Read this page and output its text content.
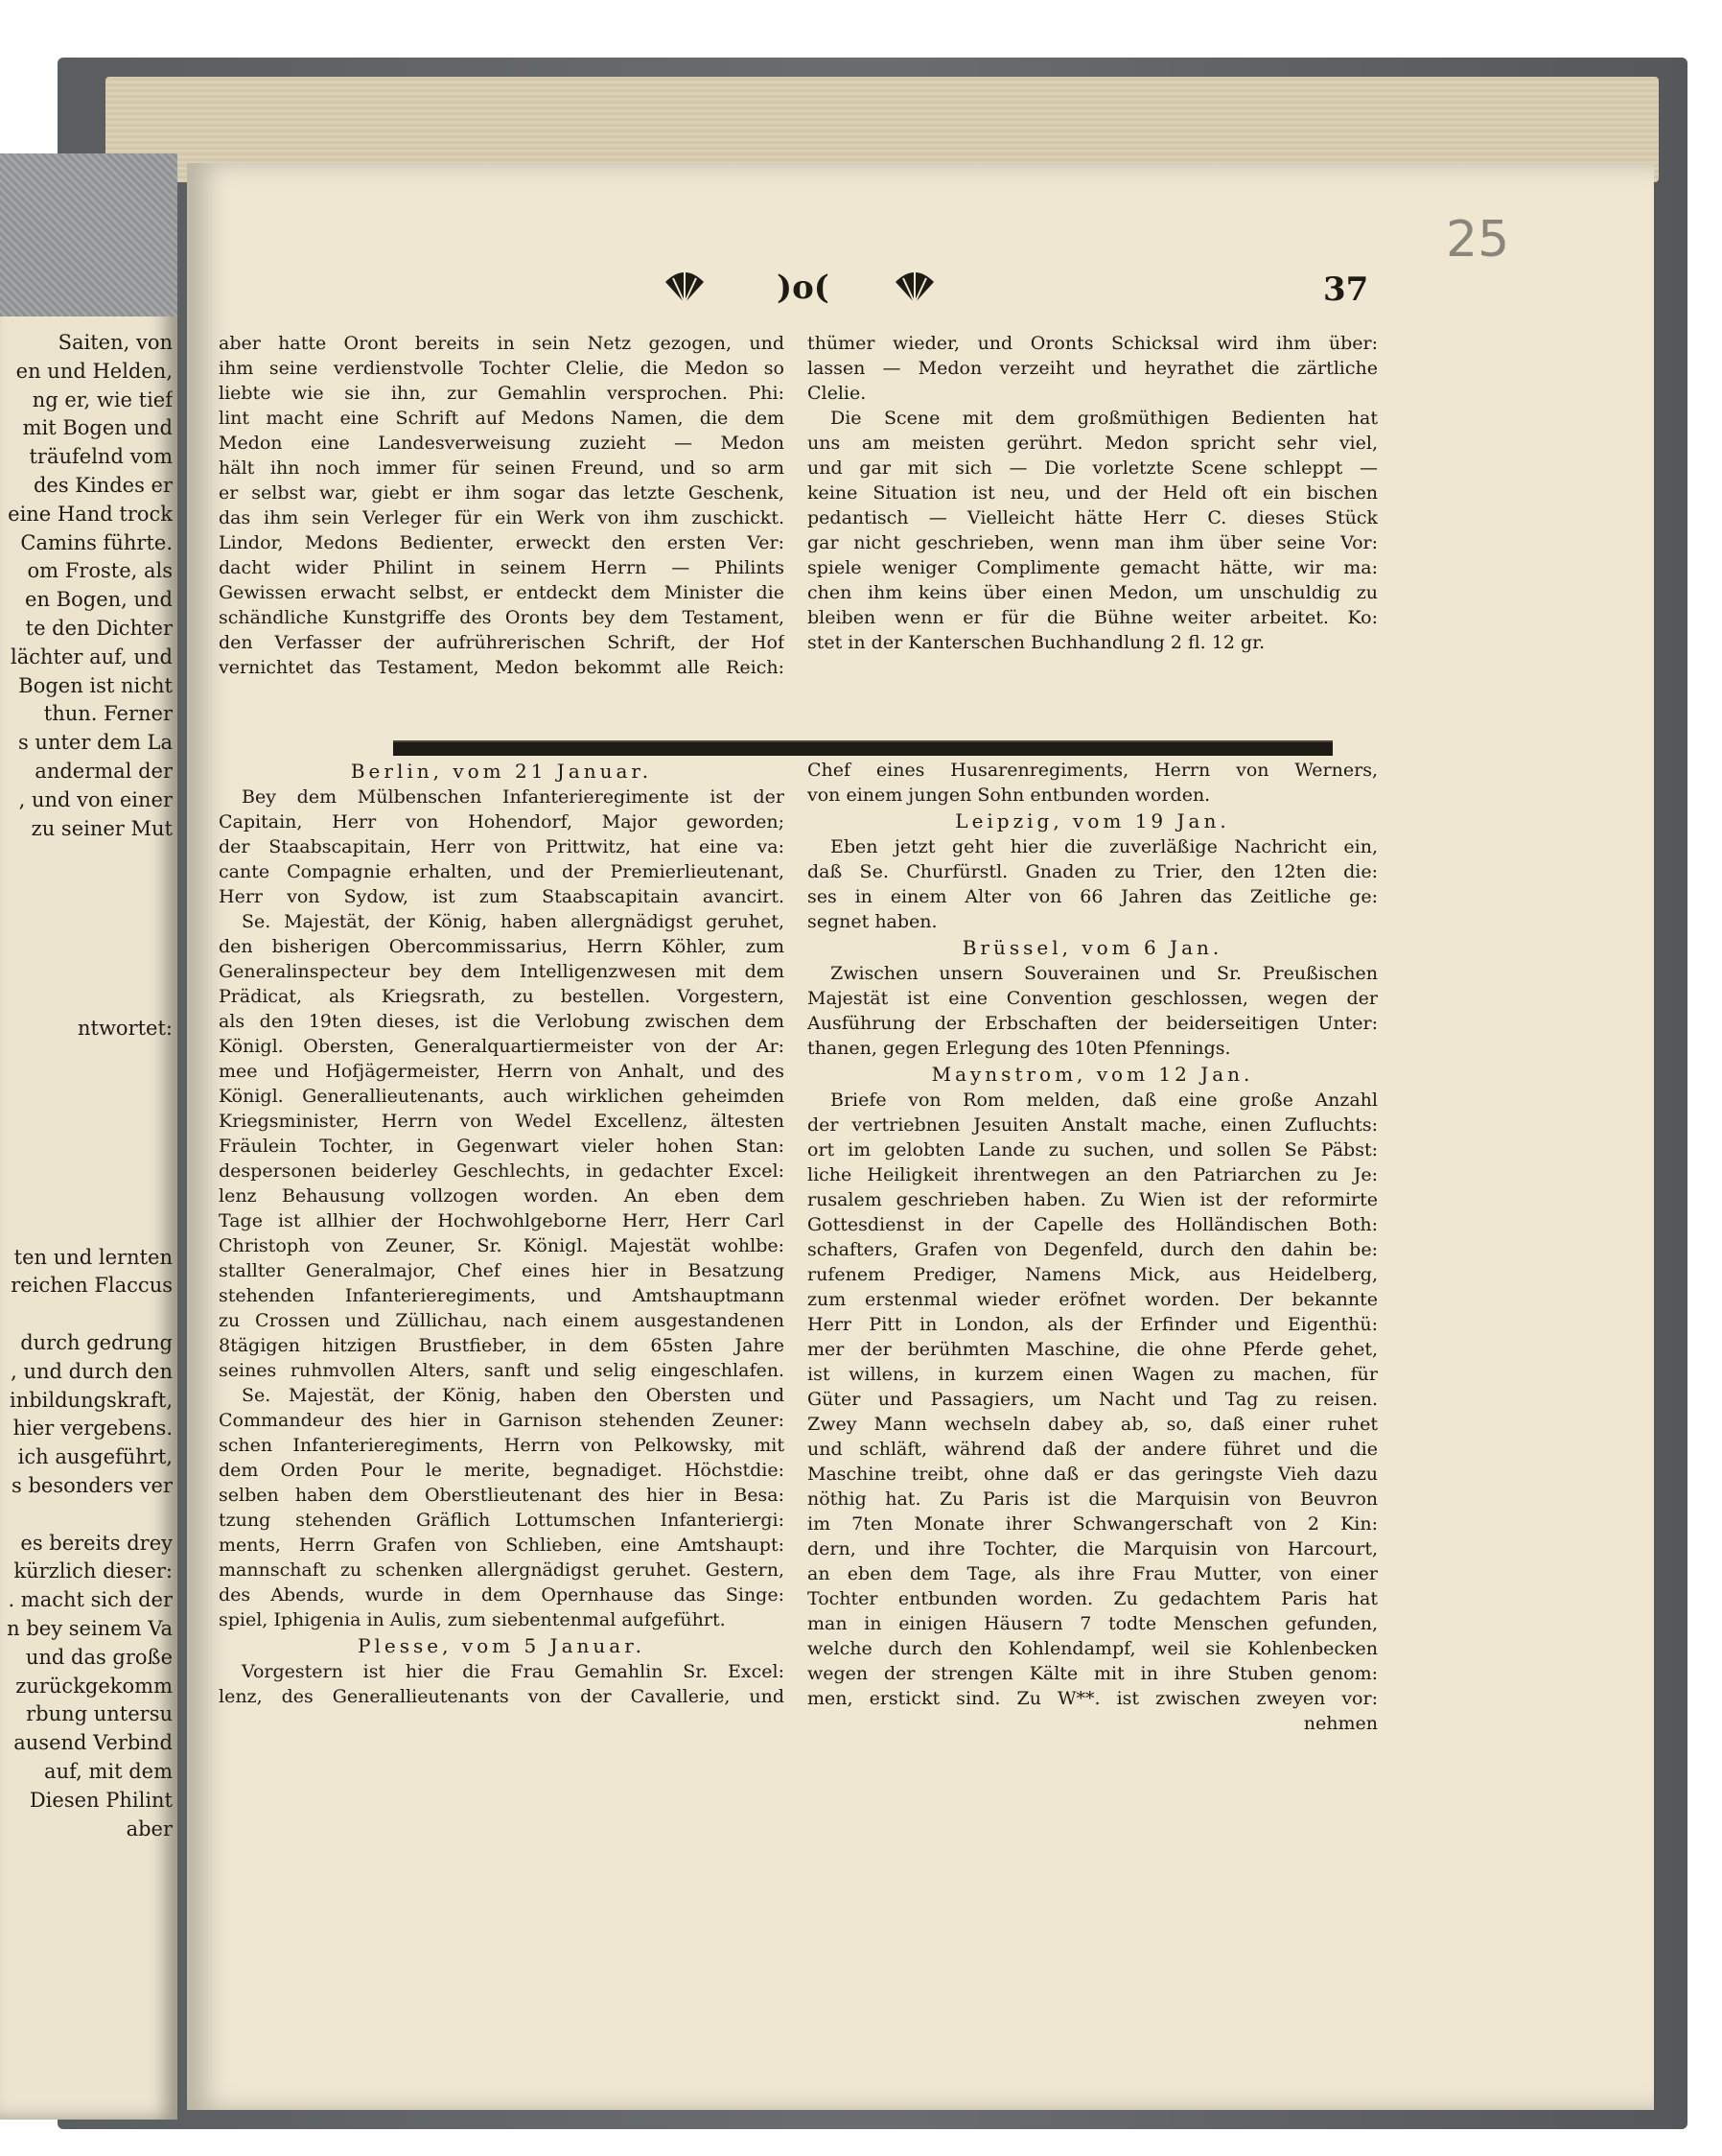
Saiten, von
en und Helden,
ng er, wie tief
mit Bogen und
träufelnd vom
des Kindes er
eine Hand trock
Camins führte.
om Froste, als
en Bogen, und
te den Dichter
lächter auf, und
Bogen ist nicht
thun. Ferner
s unter dem La
andermal der
, und von einer
zu seiner Mut
ntwortet:
ten und lernten
reichen Flaccus
durch gedrung
, und durch den
inbildungskraft,
hier vergebens.
ich ausgeführt,
s besonders ver
es bereits drey
kürzlich dieser:
. macht sich der
n bey seinem Va
und das große
zurückgekomm
rbung untersu
ausend Verbind
auf, mit dem
Diesen Philint
aber
25
)o(	37
aber hatte Oront bereits in sein Netz gezogen, und
ihm seine verdienstvolle Tochter Clelie, die Medon so
liebte wie sie ihn, zur Gemahlin versprochen. Phi:
lint macht eine Schrift auf Medons Namen, die dem
Medon eine Landesverweisung zuzieht — Medon
hält ihn noch immer für seinen Freund, und so arm
er selbst war, giebt er ihm sogar das letzte Geschenk,
das ihm sein Verleger für ein Werk von ihm zuschickt.
Lindor, Medons Bedienter, erweckt den ersten Ver:
dacht wider Philint in seinem Herrn — Philints
Gewissen erwacht selbst, er entdeckt dem Minister die
schändliche Kunstgriffe des Oronts bey dem Testament,
den Verfasser der aufrührerischen Schrift, der Hof
vernichtet das Testament, Medon bekommt alle Reich:
thümer wieder, und Oronts Schicksal wird ihm über:
lassen — Medon verzeiht und heyrathet die zärtliche
Clelie.
Die Scene mit dem großmüthigen Bedienten hat
uns am meisten gerührt. Medon spricht sehr viel,
und gar mit sich — Die vorletzte Scene schleppt —
keine Situation ist neu, und der Held oft ein bischen
pedantisch — Vielleicht hätte Herr C. dieses Stück
gar nicht geschrieben, wenn man ihm über seine Vor:
spiele weniger Complimente gemacht hätte, wir ma:
chen ihm keins über einen Medon, um unschuldig zu
bleiben wenn er für die Bühne weiter arbeitet. Ko:
stet in der Kanterschen Buchhandlung 2 fl. 12 gr.
Berlin, vom 21 Januar.
Bey dem Mülbenschen Infanterieregimente ist der
Capitain, Herr von Hohendorf, Major geworden;
der Staabscapitain, Herr von Prittwitz, hat eine va:
cante Compagnie erhalten, und der Premierlieutenant,
Herr von Sydow, ist zum Staabscapitain avancirt.
Se. Majestät, der König, haben allergnädigst geruhet,
den bisherigen Obercommissarius, Herrn Köhler, zum
Generalinspecteur bey dem Intelligenzwesen mit dem
Prädicat, als Kriegsrath, zu bestellen. Vorgestern,
als den 19ten dieses, ist die Verlobung zwischen dem
Königl. Obersten, Generalquartiermeister von der Ar:
mee und Hofjägermeister, Herrn von Anhalt, und des
Königl. Generallieutenants, auch wirklichen geheimden
Kriegsminister, Herrn von Wedel Excellenz, ältesten
Fräulein Tochter, in Gegenwart vieler hohen Stan:
despersonen beiderley Geschlechts, in gedachter Excel:
lenz Behausung vollzogen worden. An eben dem
Tage ist allhier der Hochwohlgeborne Herr, Herr Carl
Christoph von Zeuner, Sr. Königl. Majestät wohlbe:
stallter Generalmajor, Chef eines hier in Besatzung
stehenden Infanterieregiments, und Amtshauptmann
zu Crossen und Züllichau, nach einem ausgestandenen
8tägigen hitzigen Brustfieber, in dem 65sten Jahre
seines ruhmvollen Alters, sanft und selig eingeschlafen.
Se. Majestät, der König, haben den Obersten und
Commandeur des hier in Garnison stehenden Zeuner:
schen Infanterieregiments, Herrn von Pelkowsky, mit
dem Orden Pour le merite, begnadiget. Höchstdie:
selben haben dem Oberstlieutenant des hier in Besa:
tzung stehenden Gräflich Lottumschen Infanteriergi:
ments, Herrn Grafen von Schlieben, eine Amtshaupt:
mannschaft zu schenken allergnädigst geruhet. Gestern,
des Abends, wurde in dem Opernhause das Singe:
spiel, Iphigenia in Aulis, zum siebentenmal aufgeführt.
Plesse, vom 5 Januar.
Vorgestern ist hier die Frau Gemahlin Sr. Excel:
lenz, des Generallieutenants von der Cavallerie, und
Chef eines Husarenregiments, Herrn von Werners,
von einem jungen Sohn entbunden worden.
Leipzig, vom 19 Jan.
Eben jetzt geht hier die zuverläßige Nachricht ein,
daß Se. Churfürstl. Gnaden zu Trier, den 12ten die:
ses in einem Alter von 66 Jahren das Zeitliche ge:
segnet haben.
Brüssel, vom 6 Jan.
Zwischen unsern Souverainen und Sr. Preußischen
Majestät ist eine Convention geschlossen, wegen der
Ausführung der Erbschaften der beiderseitigen Unter:
thanen, gegen Erlegung des 10ten Pfennings.
Maynstrom, vom 12 Jan.
Briefe von Rom melden, daß eine große Anzahl
der vertriebnen Jesuiten Anstalt mache, einen Zufluchts:
ort im gelobten Lande zu suchen, und sollen Se Päbst:
liche Heiligkeit ihrentwegen an den Patriarchen zu Je:
rusalem geschrieben haben. Zu Wien ist der reformirte
Gottesdienst in der Capelle des Holländischen Both:
schafters, Grafen von Degenfeld, durch den dahin be:
rufenem Prediger, Namens Mick, aus Heidelberg,
zum erstenmal wieder eröfnet worden. Der bekannte
Herr Pitt in London, als der Erfinder und Eigenthü:
mer der berühmten Maschine, die ohne Pferde gehet,
ist willens, in kurzem einen Wagen zu machen, für
Güter und Passagiers, um Nacht und Tag zu reisen.
Zwey Mann wechseln dabey ab, so, daß einer ruhet
und schläft, während daß der andere führet und die
Maschine treibt, ohne daß er das geringste Vieh dazu
nöthig hat. Zu Paris ist die Marquisin von Beuvron
im 7ten Monate ihrer Schwangerschaft von 2 Kin:
dern, und ihre Tochter, die Marquisin von Harcourt,
an eben dem Tage, als ihre Frau Mutter, von einer
Tochter entbunden worden. Zu gedachtem Paris hat
man in einigen Häusern 7 todte Menschen gefunden,
welche durch den Kohlendampf, weil sie Kohlenbecken
wegen der strengen Kälte mit in ihre Stuben genom:
men, erstickt sind. Zu W**. ist zwischen zweyen vor:
nehmen
